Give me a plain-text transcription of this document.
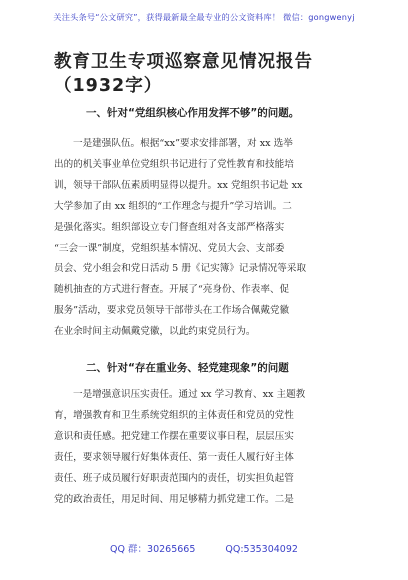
关注头条号“公文研究”，获得最新最全最专业的公文资料库！ 微信：gongwenyj
教育卫生专项巡察意见情况报告（1932字）
一、针对“党组织核心作用发挥不够”的问题。
一是建强队伍。根据“xx”要求安排部署，对 xx 选举
出的的机关事业单位党组织书记进行了党性教育和技能培
训，领导干部队伍素质明显得以提升。xx 党组织书记赴 xx
大学参加了由 xx 组织的“工作理念与提升”学习培训。二
是强化落实。组织部设立专门督查组对各支部严格落实
“三会一课”制度，党组织基本情况、党员大会、支部委
员会、党小组会和党日活动 5 册《记实簿》记录情况等采取
随机抽查的方式进行督查。开展了“亮身份、作表率、促
服务”活动，要求党员领导干部带头在工作场合佩戴党徽
在业余时间主动佩戴党徽，以此约束党员行为。
二、针对“存在重业务、轻党建现象”的问题
一是增强意识压实责任。通过 xx 学习教育、xx 主题教
育，增强教育和卫生系统党组织的主体责任和党员的党性
意识和责任感。把党建工作摆在重要议事日程，层层压实
责任，要求领导履行好集体责任、第一责任人履行好主体
责任、班子成员履行好职责范围内的责任，切实担负起管
党的政治责任，用足时间、用足够精力抓党建工作。二是
QQ 群：30265665	QQ:535304092
